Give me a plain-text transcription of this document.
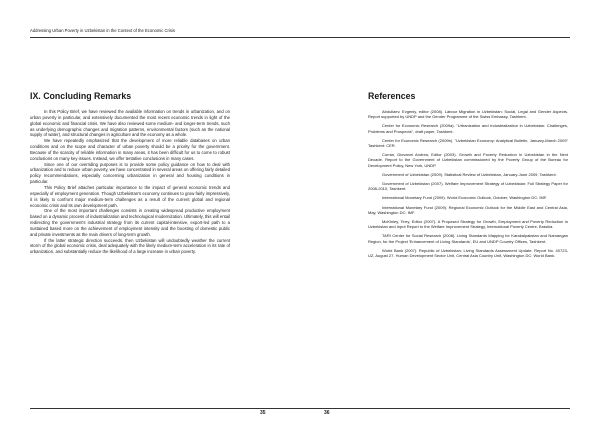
Addressing Urban Poverty in Uzbekistan in the Context of the Economic Crisis
IX. Concluding Remarks

In this Policy Brief, we have reviewed the available information on trends in urbanization, and on urban poverty in particular, and extensively documented the most recent economic trends in light of the global economic and financial crisis. We have also reviewed some medium- and longer-term trends, such as underlying demographic changes and migration patterns, environmental factors (such as the national supply of water), and structural changes in agriculture and the economy as a whole.

We have repeatedly emphasized that the development of more reliable databases on urban conditions and on the scope and character of urban poverty should be a priority for the government. Because of the scarcity of reliable information in many areas, it has been difficult for us to come to robust conclusions on many key issues. Instead, we offer tentative conclusions in many cases.

Since one of our overriding purposes is to provide some policy guidance on how to deal with urbanization and to reduce urban poverty, we have concentrated in several areas on offering fairly detailed policy recommendations, especially concerning urbanization in general and housing conditions in particular.

This Policy Brief attaches particular importance to the impact of general economic trends and especially of employment generation. Though Uzbekistan's economy continues to grow fairly impressively, it is likely to confront major medium-term challenges as a result of the current global and regional economic crisis and its own development path.

One of the most important challenges consists in creating widespread productive employment based on a dynamic process of industrialization and technological modernization. Ultimately, this will entail redirecting the government's industrial strategy from its current capital-intensive, export-led path to a sustained based more on the achievement of employment intensity and the boosting of domestic public and private investments as the main drivers of long-term growth.

If the latter strategic direction succeeds, then Uzbekistan will undoubtedly weather the current storm of the global economic crisis, deal adequately with the likely medium-term acceleration in its rate of urbanization, and substantially reduce the likelihood of a large increase in urban poverty.

References

Abdullaev, Evgeniy, editor (2008). Labour Migration in Uzbekistan: Social, Legal and Gender Aspects. Report supported by UNDP and the Gender Programme of the Swiss Embassy, Tashkent.

Center for Economic Research (2009a). "Urbanization and Industrialization in Uzbekistan: Challenges, Problems and Prospects", draft paper, Tashkent.

Center for Economic Research (2009b). "Uzbekistan Economy: Analytical Bulletin, January-March 2009" Tashkent: CER.

Cornia, Giovanni Andrea, Editor (2003). Growth and Poverty Reduction in Uzbekistan in the Next Decade. Report to the Government of Uzbekistan commissioned by the Poverty Group of the Bureau for Development Policy, New York, UNDP.

Government of Uzbekistan (2009). Statistical Review of Uzbekistan, January-June 2009, Tashkent.

Government of Uzbekistan (2007). Welfare Improvement Strategy of Uzbekistan: Full Strategy Paper for 2008-2010, Tashkent.

International Monetary Fund (2009). World Economic Outlook, October, Washington DC: IMF.

International Monetary Fund (2009). Regional Economic Outlook for the Middle East and Central Asia, May, Washington DC: IMF.

McKinley, Terry, Editor (2007). A Proposed Strategy for Growth, Employment and Poverty Reduction in Uzbekistan and Input Report to the Welfare Improvement Strategy, International Poverty Centre, Brasilia.

TARI Center for Social Research (2008). Living Standards Mapping for Karakalpakstan and Namangan Region, for the Project 'Enhancement of Living Standards', EU and UNDP Country Offices, Tashkent.

World Bank (2007). Republic of Uzbekistan: Living Standards Assessment Update. Report No. 40723-UZ, August 27, Human Development Sector Unit, Central Asia Country Unit, Washington DC: World Bank.

35	36
